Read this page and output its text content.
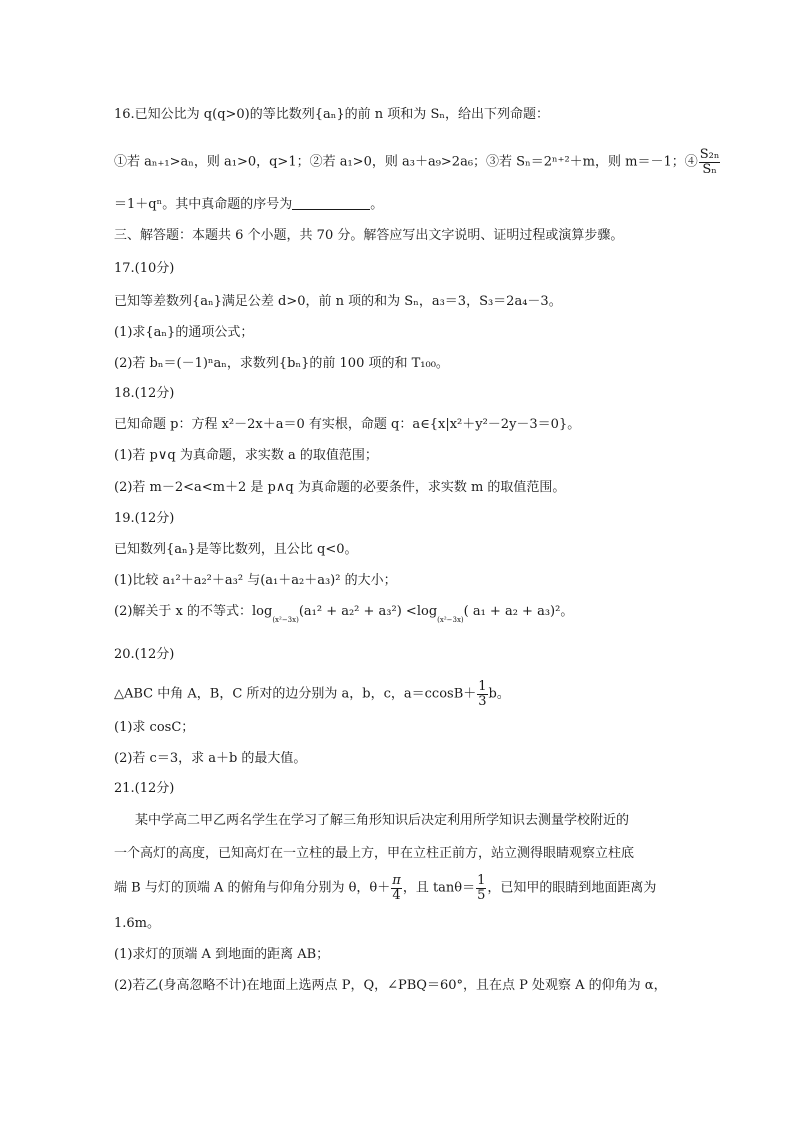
16.已知公比为 q(q>0)的等比数列{aₙ}的前 n 项和为 Sₙ，给出下列命题：
①若 aₙ₊₁>aₙ，则 a₁>0，q>1；②若 a₁>0，则 a₃＋a₉>2a₆；③若 Sₙ＝2ⁿ⁺²＋m，则 m＝－1；④ $\frac{\text{S₂ₙ}}{\text{Sₙ}}$
＝1＋qⁿ。其中真命题的序号为	。
三、解答题：本题共 6 个小题，共 70 分。解答应写出文字说明、证明过程或演算步骤。
17.(10分)
已知等差数列{aₙ}满足公差 d>0，前 n 项的和为 Sₙ，a₃＝3，S₃＝2a₄－3。
(1)求{aₙ}的通项公式；
(2)若 bₙ＝(－1)ⁿaₙ，求数列{bₙ}的前 100 项的和 T₁₀₀。
18.(12分)
已知命题 p：方程 x²－2x＋a＝0 有实根，命题 q：a∈{x|x²＋y²－2y－3＝0}。
(1)若 p∨q 为真命题，求实数 a 的取值范围；
(2)若 m－2<a<m＋2 是 p∧q 为真命题的必要条件，求实数 m 的取值范围。
19.(12分)
已知数列{aₙ}是等比数列，且公比 q<0。
(1)比较 a₁²＋a₂²＋a₃² 与(a₁＋a₂＋a₃)² 的大小；
(2)解关于 x 的不等式：$\log_{(x^2-3x)}(a_1^2 + a_2^2 + a_3^2) <\log_{(x^2-3x)}$( a₁ + a₂ + a₃)²。
20.(12分)
△ABC 中角 A，B，C 所对的边分别为 a，b，c，$a=ccosB+ \frac{1}{3}$ b。
(1)求 cosC；
(2)若 c＝3，求 a＋b 的最大值。
21.(12分)
某中学高二甲乙两名学生在学习了解三角形知识后决定利用所学知识去测量学校附近的
一个高灯的高度，已知高灯在一立柱的最上方，甲在立柱正前方，站立测得眼睛观察立柱底
端 B 与灯的顶端 A 的俯角与仰角分别为 θ，$\theta+ \frac{\pi}{4}$ ，且 $\tan\theta= \frac{1}{5}$ ，已知甲的眼睛到地面距离为
1.6m。
(1)求灯的顶端 A 到地面的距离 AB；
(2)若乙(身高忽略不计)在地面上选两点 P，Q，∠PBQ＝60°，且在点 P 处观察 A 的仰角为 α，
